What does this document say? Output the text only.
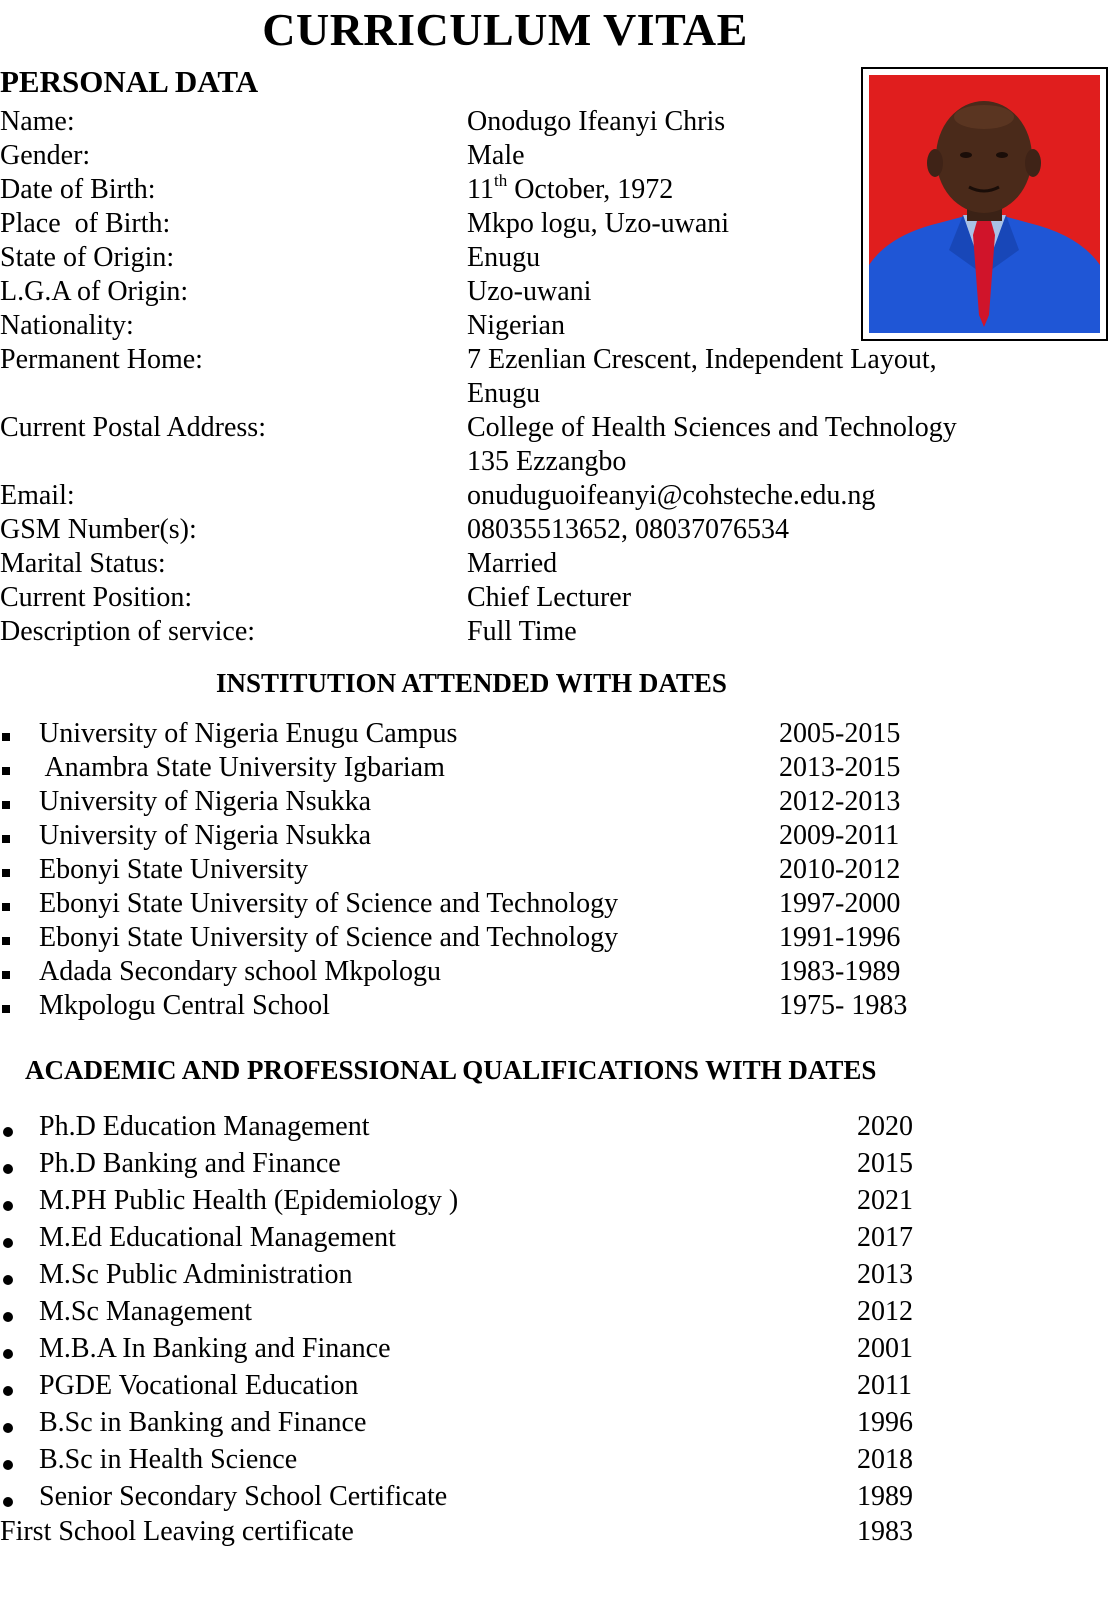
CURRICULUM VITAE
PERSONAL DATA
Name:	Onodugo Ifeanyi Chris
Gender:	Male
Date of Birth:	11th October, 1972
Place  of Birth:	Mkpo logu, Uzo-uwani
State of Origin:	Enugu
L.G.A of Origin:	Uzo-uwani
Nationality:	Nigerian
Permanent Home:	7 Ezenlian Crescent, Independent Layout,
Enugu
Current Postal Address:	College of Health Sciences and Technology
135 Ezzangbo
Email:	onuduguoifeanyi@cohsteche.edu.ng
GSM Number(s):	08035513652, 08037076534
Marital Status:	Married
Current Position:	Chief Lecturer
Description of service:	Full Time
INSTITUTION ATTENDED WITH DATES
University of Nigeria Enugu Campus	2005-2015
Anambra State University Igbariam	2013-2015
University of Nigeria Nsukka	2012-2013
University of Nigeria Nsukka	2009-2011
Ebonyi State University	2010-2012
Ebonyi State University of Science and Technology	1997-2000
Ebonyi State University of Science and Technology	1991-1996
Adada Secondary school Mkpologu	1983-1989
Mkpologu Central School	1975- 1983
ACADEMIC AND PROFESSIONAL QUALIFICATIONS WITH DATES
Ph.D Education Management	2020
Ph.D Banking and Finance	2015
M.PH Public Health (Epidemiology )	2021
M.Ed Educational Management	2017
M.Sc Public Administration	2013
M.Sc Management	2012
M.B.A In Banking and Finance	2001
PGDE Vocational Education	2011
B.Sc in Banking and Finance	1996
B.Sc in Health Science	2018
Senior Secondary School Certificate	1989
First School Leaving certificate	1983
